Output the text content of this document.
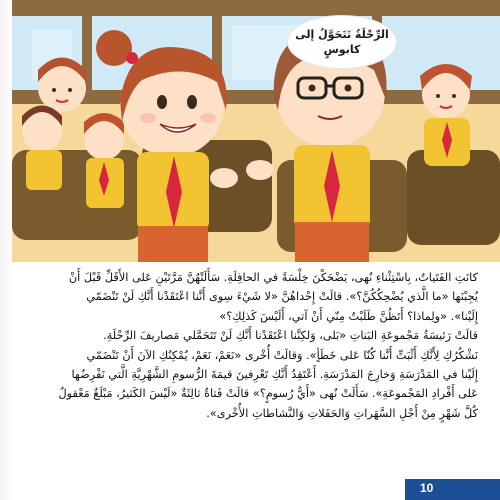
الرِّحْلَةُ تَتَحَوَّلُ إلى
كابوسٍ

كانَتِ الفَتَياتُ، بِاسْتِثْناءِ نُهى، يَضْحَكْنَ خِلْسَةً في الحافِلَةِ. سَأَلَتْهُنَّ مَرَّتَيْنِ عَلى الأَقَلِّ قَبْلَ أَنْ

يُجِبْنَها «ما الَّذي يُضْحِكُكُنَّ؟». قالَتْ إِحْداهُنَّ «لا شَيْءَ سِوى أَنَّنا اعْتَقَدْنا أَنَّكِ لَنْ تَنْضَمّي

إِلَيْنا». «ولِماذا؟ أَتَظُنَّ طَلَبْتُ مِنّي أَنْ آتي، أَلَيْسَ كَذلِكِ؟»

قالَتْ رَئيسَةُ مَجْموعَةِ البَناتِ «بَلى، وَلكِنَّنا اعْتَقَدْنا أَنَّكِ لَنْ تَتَحَمَّلي مَصاريفَ الرِّحْلَةِ.

نَشْكُرُكِ لِأَنَّكِ أَثْبَتِّ أَنَّنا كُنّا عَلى خَطَأٍ». وَقالَتْ أُخْرى «نَعَمْ، نَعَمْ، يُمْكِنُكِ الآنَ أَنْ تَنْضَمّي

إِلَيْنا في المَدْرَسَةِ وَخارِجَ المَدْرَسَةِ. أَعْتَقِدُ أَنَّكِ تَعْرِفينَ قيمَةَ الرُّسومِ الشَّهْرِيَّةِ الَّتي نَفْرِضُها

عَلى أَفْرادِ المَجْموعَةِ». سَأَلَتْ نُهى «أَيُّ رُسومٍ؟» قالَتْ فَتاةٌ ثالِثَةٌ «لَيْسَ الكَثيرُ، مَبْلَغٌ مَعْقولٌ

كُلَّ شَهْرٍ مِنْ أَجْلِ السَّهَراتِ وَالحَفَلاتِ وَالنَّشاطاتِ الأُخْرى».

10
